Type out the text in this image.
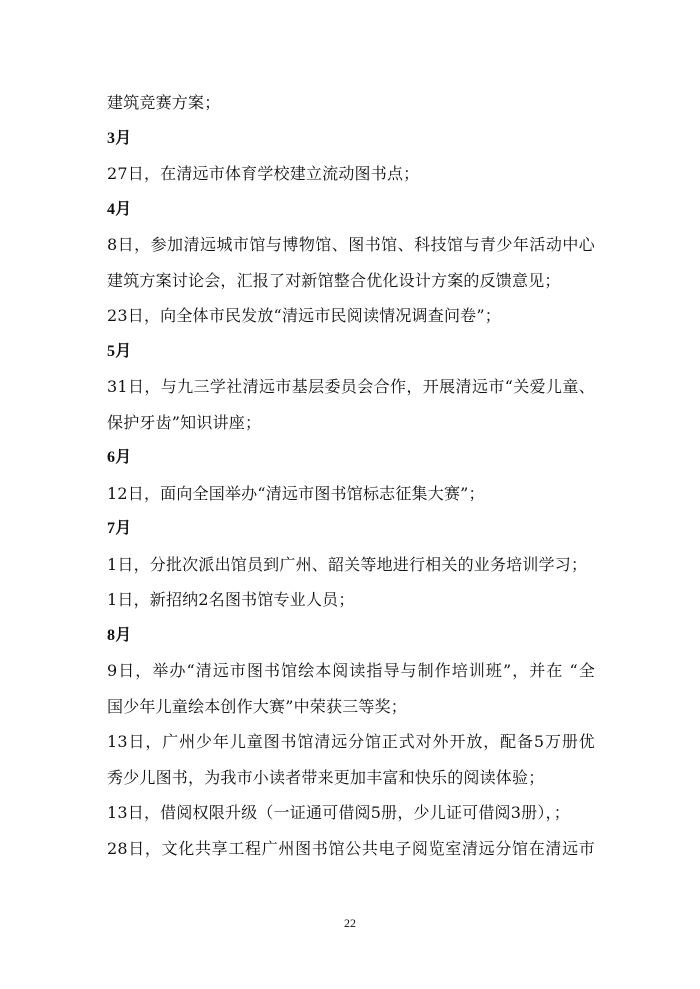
建筑竞赛方案；
3月
27日，在清远市体育学校建立流动图书点；
4月
8日，参加清远城市馆与博物馆、图书馆、科技馆与青少年活动中心
建筑方案讨论会，汇报了对新馆整合优化设计方案的反馈意见；
23日，向全体市民发放“清远市民阅读情况调查问卷”；
5月
31日，与九三学社清远市基层委员会合作，开展清远市“关爱儿童、
保护牙齿”知识讲座；
6月
12日，面向全国举办“清远市图书馆标志征集大赛”；
7月
1日，分批次派出馆员到广州、韶关等地进行相关的业务培训学习；
1日，新招纳2名图书馆专业人员；
8月
9日，举办“清远市图书馆绘本阅读指导与制作培训班”，并在 “全
国少年儿童绘本创作大赛”中荣获三等奖；
13日，广州少年儿童图书馆清远分馆正式对外开放，配备5万册优
秀少儿图书，为我市小读者带来更加丰富和快乐的阅读体验；
13日，借阅权限升级（一证通可借阅5册，少儿证可借阅3册），；
28日，文化共享工程广州图书馆公共电子阅览室清远分馆在清远市
22
